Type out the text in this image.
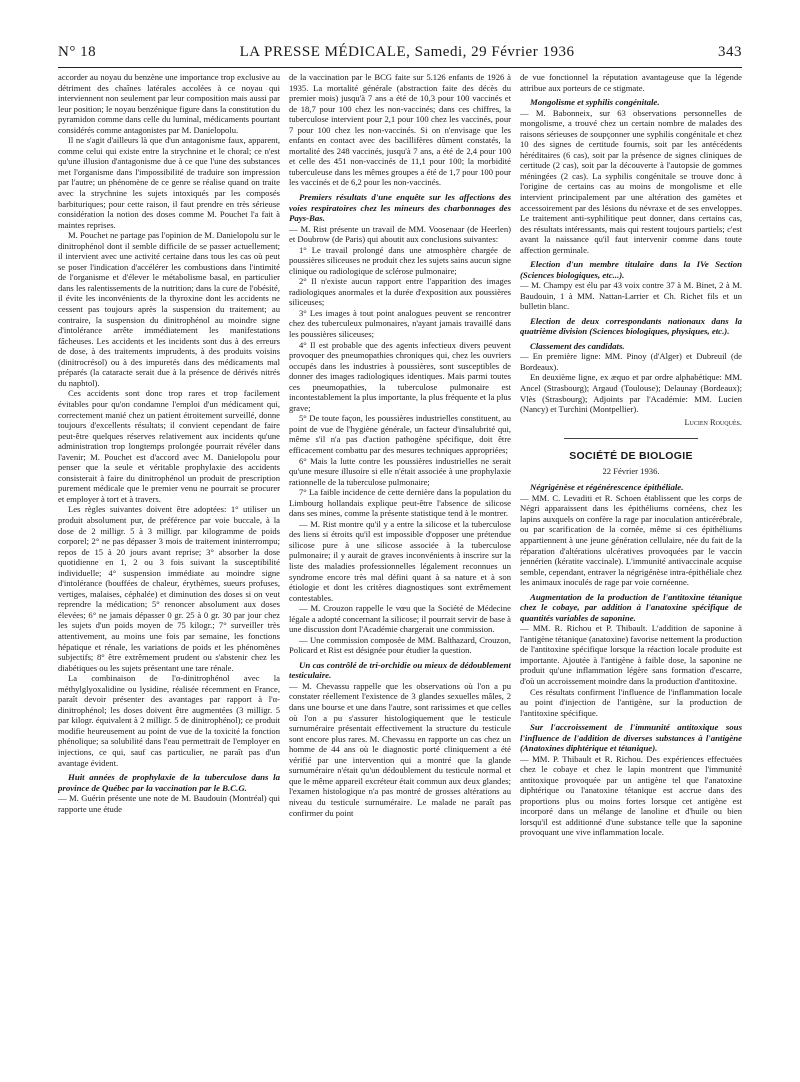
N° 18	LA PRESSE MÉDICALE, Samedi, 29 Février 1936	343

accorder au noyau du benzène une importance trop exclusive au détriment des chaînes latérales accolées à ce noyau qui interviennent non seulement par leur composition mais aussi par leur position; le noyau benzénique figure dans la constitution du pyramidon comme dans celle du luminal, médicaments pourtant considérés comme antagonistes par M. Danielopolu.

Il ne s'agit d'ailleurs là que d'un antagonisme faux, apparent, comme celui qui existe entre la strychnine et le choral; ce n'est qu'une illusion d'antagonisme due à ce que l'une des substances met l'organisme dans l'impossibilité de traduire son impression par l'autre; un phénomène de ce genre se réalise quand on traite avec la strychnine les sujets intoxiqués par les composés barbituriques; pour cette raison, il faut prendre en très sérieuse considération la notion des doses comme M. Pouchet l'a fait à maintes reprises.

M. Pouchet ne partage pas l'opinion de M. Danielopolu sur le dinitrophénol dont il semble difficile de se passer actuellement; il intervient avec une activité certaine dans tous les cas où peut se poser l'indication d'accélérer les combustions dans l'intimité de l'organisme et d'élever le métabolisme basal, en particulier dans les ralentissements de la nutrition; dans la cure de l'obésité, il évite les inconvénients de la thyroxine dont les accidents ne cessent pas toujours après la suspension du traitement; au contraire, la suspension du dinitrophénol au moindre signe d'intolérance arrête immédiatement les manifestations fâcheuses. Les accidents et les incidents sont dus à des erreurs de dose, à des traitements imprudents, à des produits voisins (dinitrocrésol) ou à des impuretés dans des médicaments mal préparés (la cataracte serait due à la présence de dérivés nitrés du naphtol).

Ces accidents sont donc trop rares et trop facilement évitables pour qu'on condamne l'emploi d'un médicament qui, correctement manié chez un patient étroitement surveillé, donne toujours d'excellents résultats; il convient cependant de faire peut-être quelques réserves relativement aux incidents qu'une administration trop longtemps prolongée pourrait révéler dans l'avenir; M. Pouchet est d'accord avec M. Danielopolu pour penser que la seule et véritable prophylaxie des accidents consisterait à faire du dinitrophénol un produit de prescription purement médicale que le premier venu ne pourrait se procurer et employer à tort et à travers.

Les règles suivantes doivent être adoptées: 1° utiliser un produit absolument pur, de préférence par voie buccale, à la dose de 2 milligr. 5 à 3 milligr. par kilogramme de poids corporel; 2° ne pas dépasser 3 mois de traitement ininterrompu; repos de 15 à 20 jours avant reprise; 3° absorber la dose quotidienne en 1, 2 ou 3 fois suivant la susceptibilité individuelle; 4° suspension immédiate au moindre signe d'intolérance (bouffées de chaleur, érythèmes, sueurs profuses, vertiges, malaises, céphalée) et diminution des doses si on veut reprendre la médication; 5° renoncer absolument aux doses élevées; 6° ne jamais dépasser 0 gr. 25 à 0 gr. 30 par jour chez les sujets d'un poids moyen de 75 kilogr.; 7° surveiller très attentivement, au moins une fois par semaine, les fonctions hépatique et rénale, les variations de poids et les phénomènes subjectifs; 8° être extrêmement prudent ou s'abstenir chez les diabétiques ou les sujets présentant une tare rénale.

La combinaison de l'α-dinitrophénol avec la méthylglyoxalidine ou lysidine, réalisée récemment en France, paraît devoir présenter des avantages par rapport à l'α-dinitrophénol; les doses doivent être augmentées (3 milligr. 5 par kilogr. équivalent à 2 milligr. 5 de dinitrophénol); ce produit modifie heureusement au point de vue de la toxicité la fonction phénolique; sa solubilité dans l'eau permettrait de l'employer en injections, ce qui, sauf cas particulier, ne paraît pas d'un avantage évident.

Huit années de prophylaxie de la tuberculose dans la province de Québec par la vaccination par le B.C.G.

— M. Guérin présente une note de M. Baudouin (Montréal) qui rapporte une étude

de la vaccination par le BCG faite sur 5.126 enfants de 1926 à 1935. La mortalité générale (abstraction faite des décès du premier mois) jusqu'à 7 ans a été de 10,3 pour 100 vaccinés et de 18,7 pour 100 chez les non-vaccinés; dans ces chiffres, la tuberculose intervient pour 2,1 pour 100 chez les vaccinés, pour 7 pour 100 chez les non-vaccinés. Si on n'envisage que les enfants en contact avec des bacillifères dûment constatés, la mortalité des 248 vaccinés, jusqu'à 7 ans, a été de 2,4 pour 100 et celle des 451 non-vaccinés de 11,1 pour 100; la morbidité tuberculeuse dans les mêmes groupes a été de 1,7 pour 100 pour les vaccinés et de 6,2 pour les non-vaccinés.

Premiers résultats d'une enquête sur les affections des voies respiratoires chez les mineurs des charbonnages des Pays-Bas.

— M. Rist présente un travail de MM. Voosenaar (de Heerlen) et Doubrow (de Paris) qui aboutit aux conclusions suivantes:

1° Le travail prolongé dans une atmosphère chargée de poussières siliceuses ne produit chez les sujets sains aucun signe clinique ou radiologique de sclérose pulmonaire;

2° Il n'existe aucun rapport entre l'apparition des images radiologiques anormales et la durée d'exposition aux poussières siliceuses;

3° Les images à tout point analogues peuvent se rencontrer chez des tuberculeux pulmonaires, n'ayant jamais travaillé dans les poussières siliceuses;

4° Il est probable que des agents infectieux divers peuvent provoquer des pneumopathies chroniques qui, chez les ouvriers occupés dans les industries à poussières, sont susceptibles de donner des images radiologiques identiques. Mais parmi toutes ces pneumopathies, la tuberculose pulmonaire est incontestablement la plus importante, la plus fréquente et la plus grave;

5° De toute façon, les poussières industrielles constituent, au point de vue de l'hygiène générale, un facteur d'insalubrité qui, même s'il n'a pas d'action pathogène spécifique, doit être efficacement combattu par des mesures techniques appropriées;

6° Mais la lutte contre les poussières industrielles ne serait qu'une mesure illusoire si elle n'était associée à une prophylaxie rationnelle de la tuberculose pulmonaire;

7° La faible incidence de cette dernière dans la population du Limbourg hollandais explique peut-être l'absence de silicose dans ses mines, comme la présente statistique tend à le montrer.

— M. Rist montre qu'il y a entre la silicose et la tuberculose des liens si étroits qu'il est impossible d'opposer une prétendue silicose pure à une silicose associée à la tuberculose pulmonaire; il y aurait de graves inconvénients à inscrire sur la liste des maladies professionnelles légalement reconnues un syndrome encore très mal défini quant à sa nature et à son étiologie et dont les critères diagnostiques sont extrêmement contestables.

— M. Crouzon rappelle le vœu que la Société de Médecine légale a adopté concernant la silicose; il pourrait servir de base à une discussion dont l'Académie chargerait une commission.

— Une commission composée de MM. Balthazard, Crouzon, Policard et Rist est désignée pour étudier la question.

Un cas contrôlé de tri-orchidie ou mieux de dédoublement testiculaire.

— M. Chevassu rappelle que les observations où l'on a pu constater réellement l'existence de 3 glandes sexuelles mâles, 2 dans une bourse et une dans l'autre, sont rarissimes et que celles où l'on a pu s'assurer histologiquement que le testicule surnuméraire présentait effectivement la structure du testicule sont encore plus rares. M. Chevassu en rapporte un cas chez un homme de 44 ans où le diagnostic porté cliniquement a été vérifié par une intervention qui a montré que la glande surnuméraire n'était qu'un dédoublement du testicule normal et que le même appareil excréteur était commun aux deux glandes; l'examen histologique n'a pas montré de grosses altérations au niveau du testicule surnuméraire. Le malade ne paraît pas confirmer du point

de vue fonctionnel la réputation avantageuse que la légende attribue aux porteurs de ce stigmate.

Mongolisme et syphilis congénitale.

— M. Babonneix, sur 63 observations personnelles de mongolisme, a trouvé chez un certain nombre de malades des raisons sérieuses de soupçonner une syphilis congénitale et chez 10 des signes de certitude fournis, soit par les antécédents héréditaires (6 cas), soit par la présence de signes cliniques de certitude (2 cas), soit par la découverte à l'autopsie de gommes méningées (2 cas). La syphilis congénitale se trouve donc à l'origine de certains cas au moins de mongolisme et elle intervient principalement par une altération des gamètes et accessoirement par des lésions du névraxe et de ses enveloppes. Le traitement anti-syphilitique peut donner, dans certains cas, des résultats intéressants, mais qui restent toujours partiels; c'est avant la naissance qu'il faut intervenir comme dans toute affection germinale.

Election d'un membre titulaire dans la IVe Section (Sciences biologiques, etc...).

— M. Champy est élu par 43 voix contre 37 à M. Binet, 2 à M. Baudouin, 1 à MM. Nattan-Larrier et Ch. Richet fils et un bulletin blanc.

Election de deux correspondants nationaux dans la quatrième division (Sciences biologiques, physiques, etc.).
Classement des candidats.

— En première ligne: MM. Pinoy (d'Alger) et Dubreuil (de Bordeaux).

En deuxième ligne, ex æquo et par ordre alphabétique: MM. Ancel (Strasbourg); Argaud (Toulouse); Delaunay (Bordeaux); Vlès (Strasbourg); Adjoints par l'Académie: MM. Lucien (Nancy) et Turchini (Montpellier).

Lucien Rouquès.
SOCIÉTÉ DE BIOLOGIE
22 Février 1936.
Négrigénèse et régénérescence épithéliale.

— MM. C. Levaditi et R. Schoen établissent que les corps de Négri apparaissent dans les épithéliums cornéens, chez les lapins auxquels on confère la rage par inoculation anticérébrale, ou par scarification de la cornée, même si ces épithéliums appartiennent à une jeune génération cellulaire, née du fait de la réparation d'altérations ulcératives provoquées par le vaccin jennérien (kératite vaccinale). L'immunité antivaccinale acquise semble, cependant, entraver la négrigénèse intra-épithéliale chez les animaux inoculés de rage par voie cornéenne.

Augmentation de la production de l'antitoxine tétanique chez le cobaye, par addition à l'anatoxine spécifique de quantités variables de saponine.

— MM. R. Richou et P. Thibault. L'addition de saponine à l'antigène tétanique (anatoxine) favorise nettement la production de l'antitoxine spécifique lorsque la réaction locale produite est importante. Ajoutée à l'antigène à faible dose, la saponine ne produit qu'une inflammation légère sans formation d'escarre, d'où un accroissement moindre dans la production d'antitoxine.

Ces résultats confirment l'influence de l'inflammation locale au point d'injection de l'antigène, sur la production de l'antitoxine spécifique.

Sur l'accroissement de l'immunité antitoxique sous l'influence de l'addition de diverses substances à l'antigène (Anatoxines diphtérique et tétanique).

— MM. P. Thibault et R. Richou. Des expériences effectuées chez le cobaye et chez le lapin montrent que l'immunité antitoxique provoquée par un antigène tel que l'anatoxine diphtérique ou l'anatoxine tétanique est accrue dans des proportions plus ou moins fortes lorsque cet antigène est incorporé dans un mélange de lanoline et d'huile ou bien lorsqu'il est additionné d'une substance telle que la saponine provoquant une vive inflammation locale.
